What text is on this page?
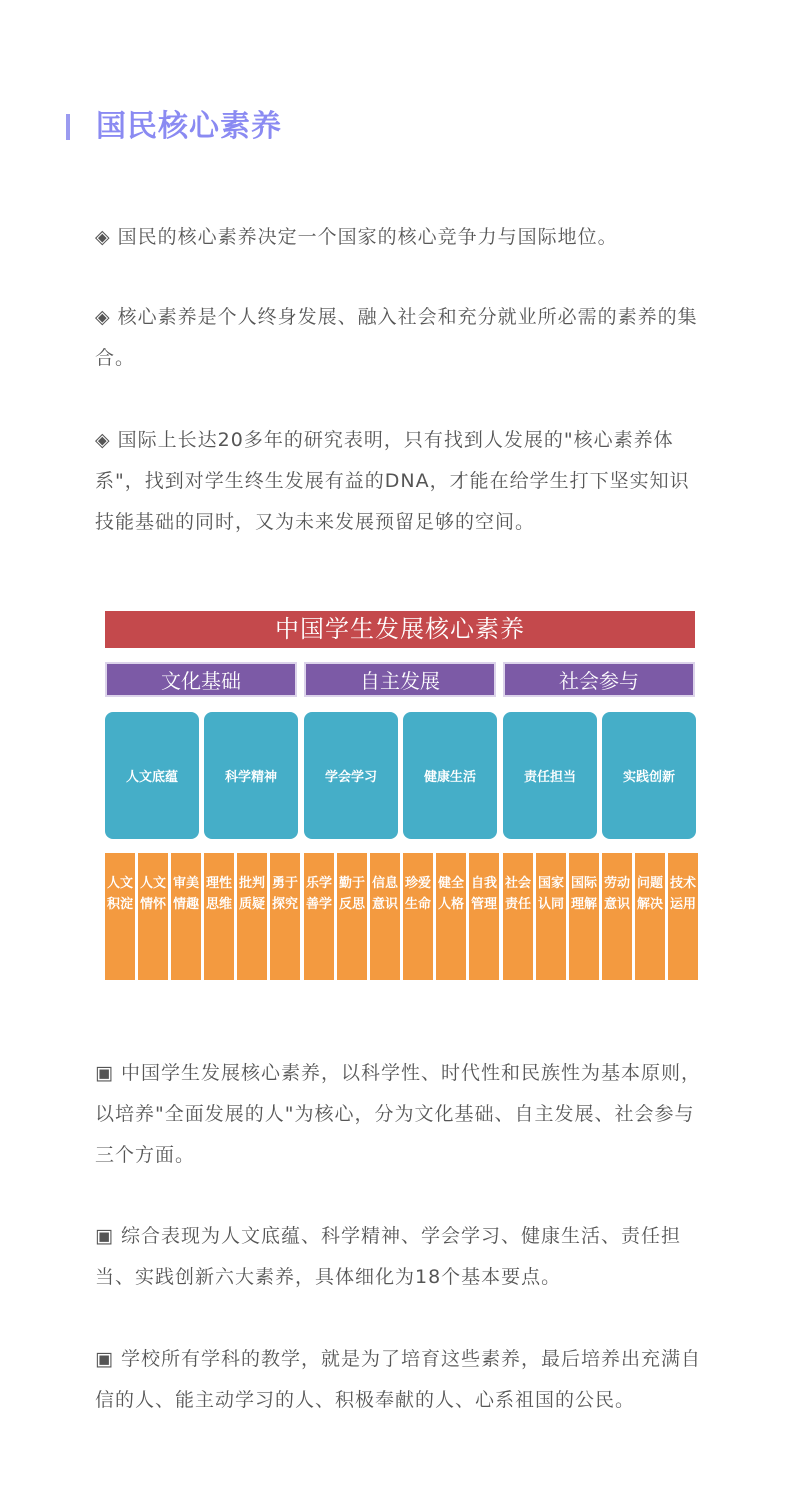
国民核心素养
◈ 国民的核心素养决定一个国家的核心竞争力与国际地位。
◈ 核心素养是个人终身发展、融入社会和充分就业所必需的素养的集合。
◈ 国际上长达20多年的研究表明，只有找到人发展的"核心素养体系"，找到对学生终生发展有益的DNA，才能在给学生打下坚实知识技能基础的同时，又为未来发展预留足够的空间。
中国学生发展核心素养
文化基础	自主发展	社会参与
人文底蕴	科学精神	学会学习	健康生活	责任担当	实践创新
人文积淀
人文情怀
审美情趣
理性思维
批判质疑
勇于探究
乐学善学
勤于反思
信息意识
珍爱生命
健全人格
自我管理
社会责任
国家认同
国际理解
劳动意识
问题解决
技术运用
▣ 中国学生发展核心素养，以科学性、时代性和民族性为基本原则，以培养"全面发展的人"为核心，分为文化基础、自主发展、社会参与三个方面。
▣ 综合表现为人文底蕴、科学精神、学会学习、健康生活、责任担当、实践创新六大素养，具体细化为18个基本要点。
▣ 学校所有学科的教学，就是为了培育这些素养，最后培养出充满自信的人、能主动学习的人、积极奉献的人、心系祖国的公民。
